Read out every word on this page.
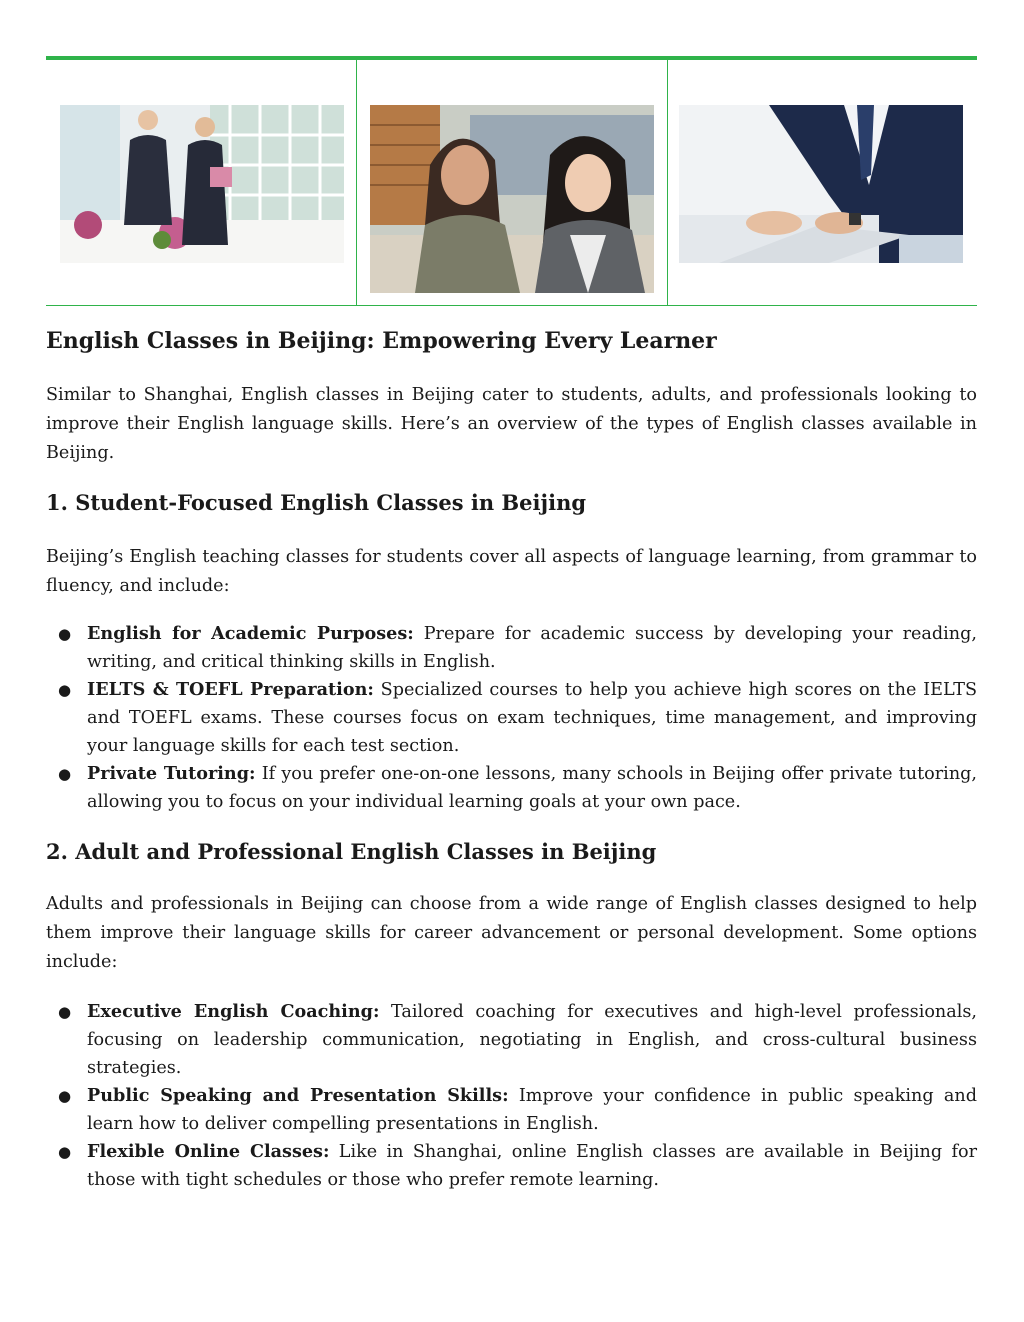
English Classes in Beijing: Empowering Every Learner

Similar to Shanghai, English classes in Beijing cater to students, adults, and professionals looking to improve their English language skills. Here’s an overview of the types of English classes available in Beijing.

1. Student-Focused English Classes in Beijing

Beijing’s English teaching classes for students cover all aspects of language learning, from grammar to fluency, and include:

● English for Academic Purposes: Prepare for academic success by developing your reading, writing, and critical thinking skills in English.
● IELTS & TOEFL Preparation: Specialized courses to help you achieve high scores on the IELTS and TOEFL exams. These courses focus on exam techniques, time management, and improving your language skills for each test section.
● Private Tutoring: If you prefer one-on-one lessons, many schools in Beijing offer private tutoring, allowing you to focus on your individual learning goals at your own pace.
2. Adult and Professional English Classes in Beijing

Adults and professionals in Beijing can choose from a wide range of English classes designed to help them improve their language skills for career advancement or personal development. Some options include:

● Executive English Coaching: Tailored coaching for executives and high-level professionals, focusing on leadership communication, negotiating in English, and cross-cultural business strategies.
● Public Speaking and Presentation Skills: Improve your confidence in public speaking and learn how to deliver compelling presentations in English.
● Flexible Online Classes: Like in Shanghai, online English classes are available in Beijing for those with tight schedules or those who prefer remote learning.
